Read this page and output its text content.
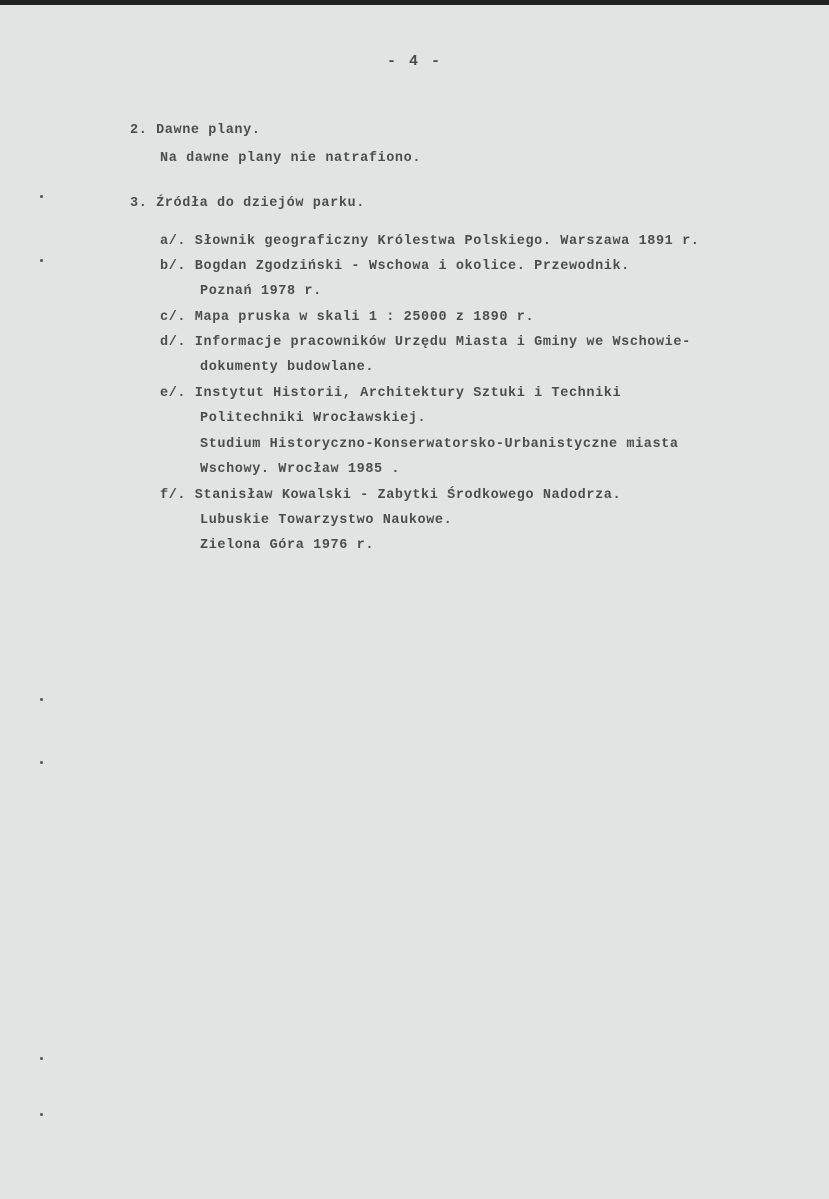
- 4 -
2. Dawne plany.
Na dawne plany nie natrafiono.
3. Źródła do dziejów parku.
a/. Słownik geograficzny Królestwa Polskiego. Warszawa 1891 r.
b/. Bogdan Zgodziński - Wschowa i okolice. Przewodnik.
Poznań 1978 r.
c/. Mapa pruska w skali 1 : 25000 z 1890 r.
d/. Informacje pracowników Urzędu Miasta i Gminy we Wschowie-
dokumenty budowlane.
e/. Instytut Historii, Architektury Sztuki i Techniki
Politechniki Wrocławskiej.
Studium Historyczno-Konserwatorsko-Urbanistyczne miasta
Wschowy. Wrocław 1985 .
f/. Stanisław Kowalski - Zabytki Środkowego Nadodrza.
Lubuskie Towarzystwo Naukowe.
Zielona Góra 1976 r.
